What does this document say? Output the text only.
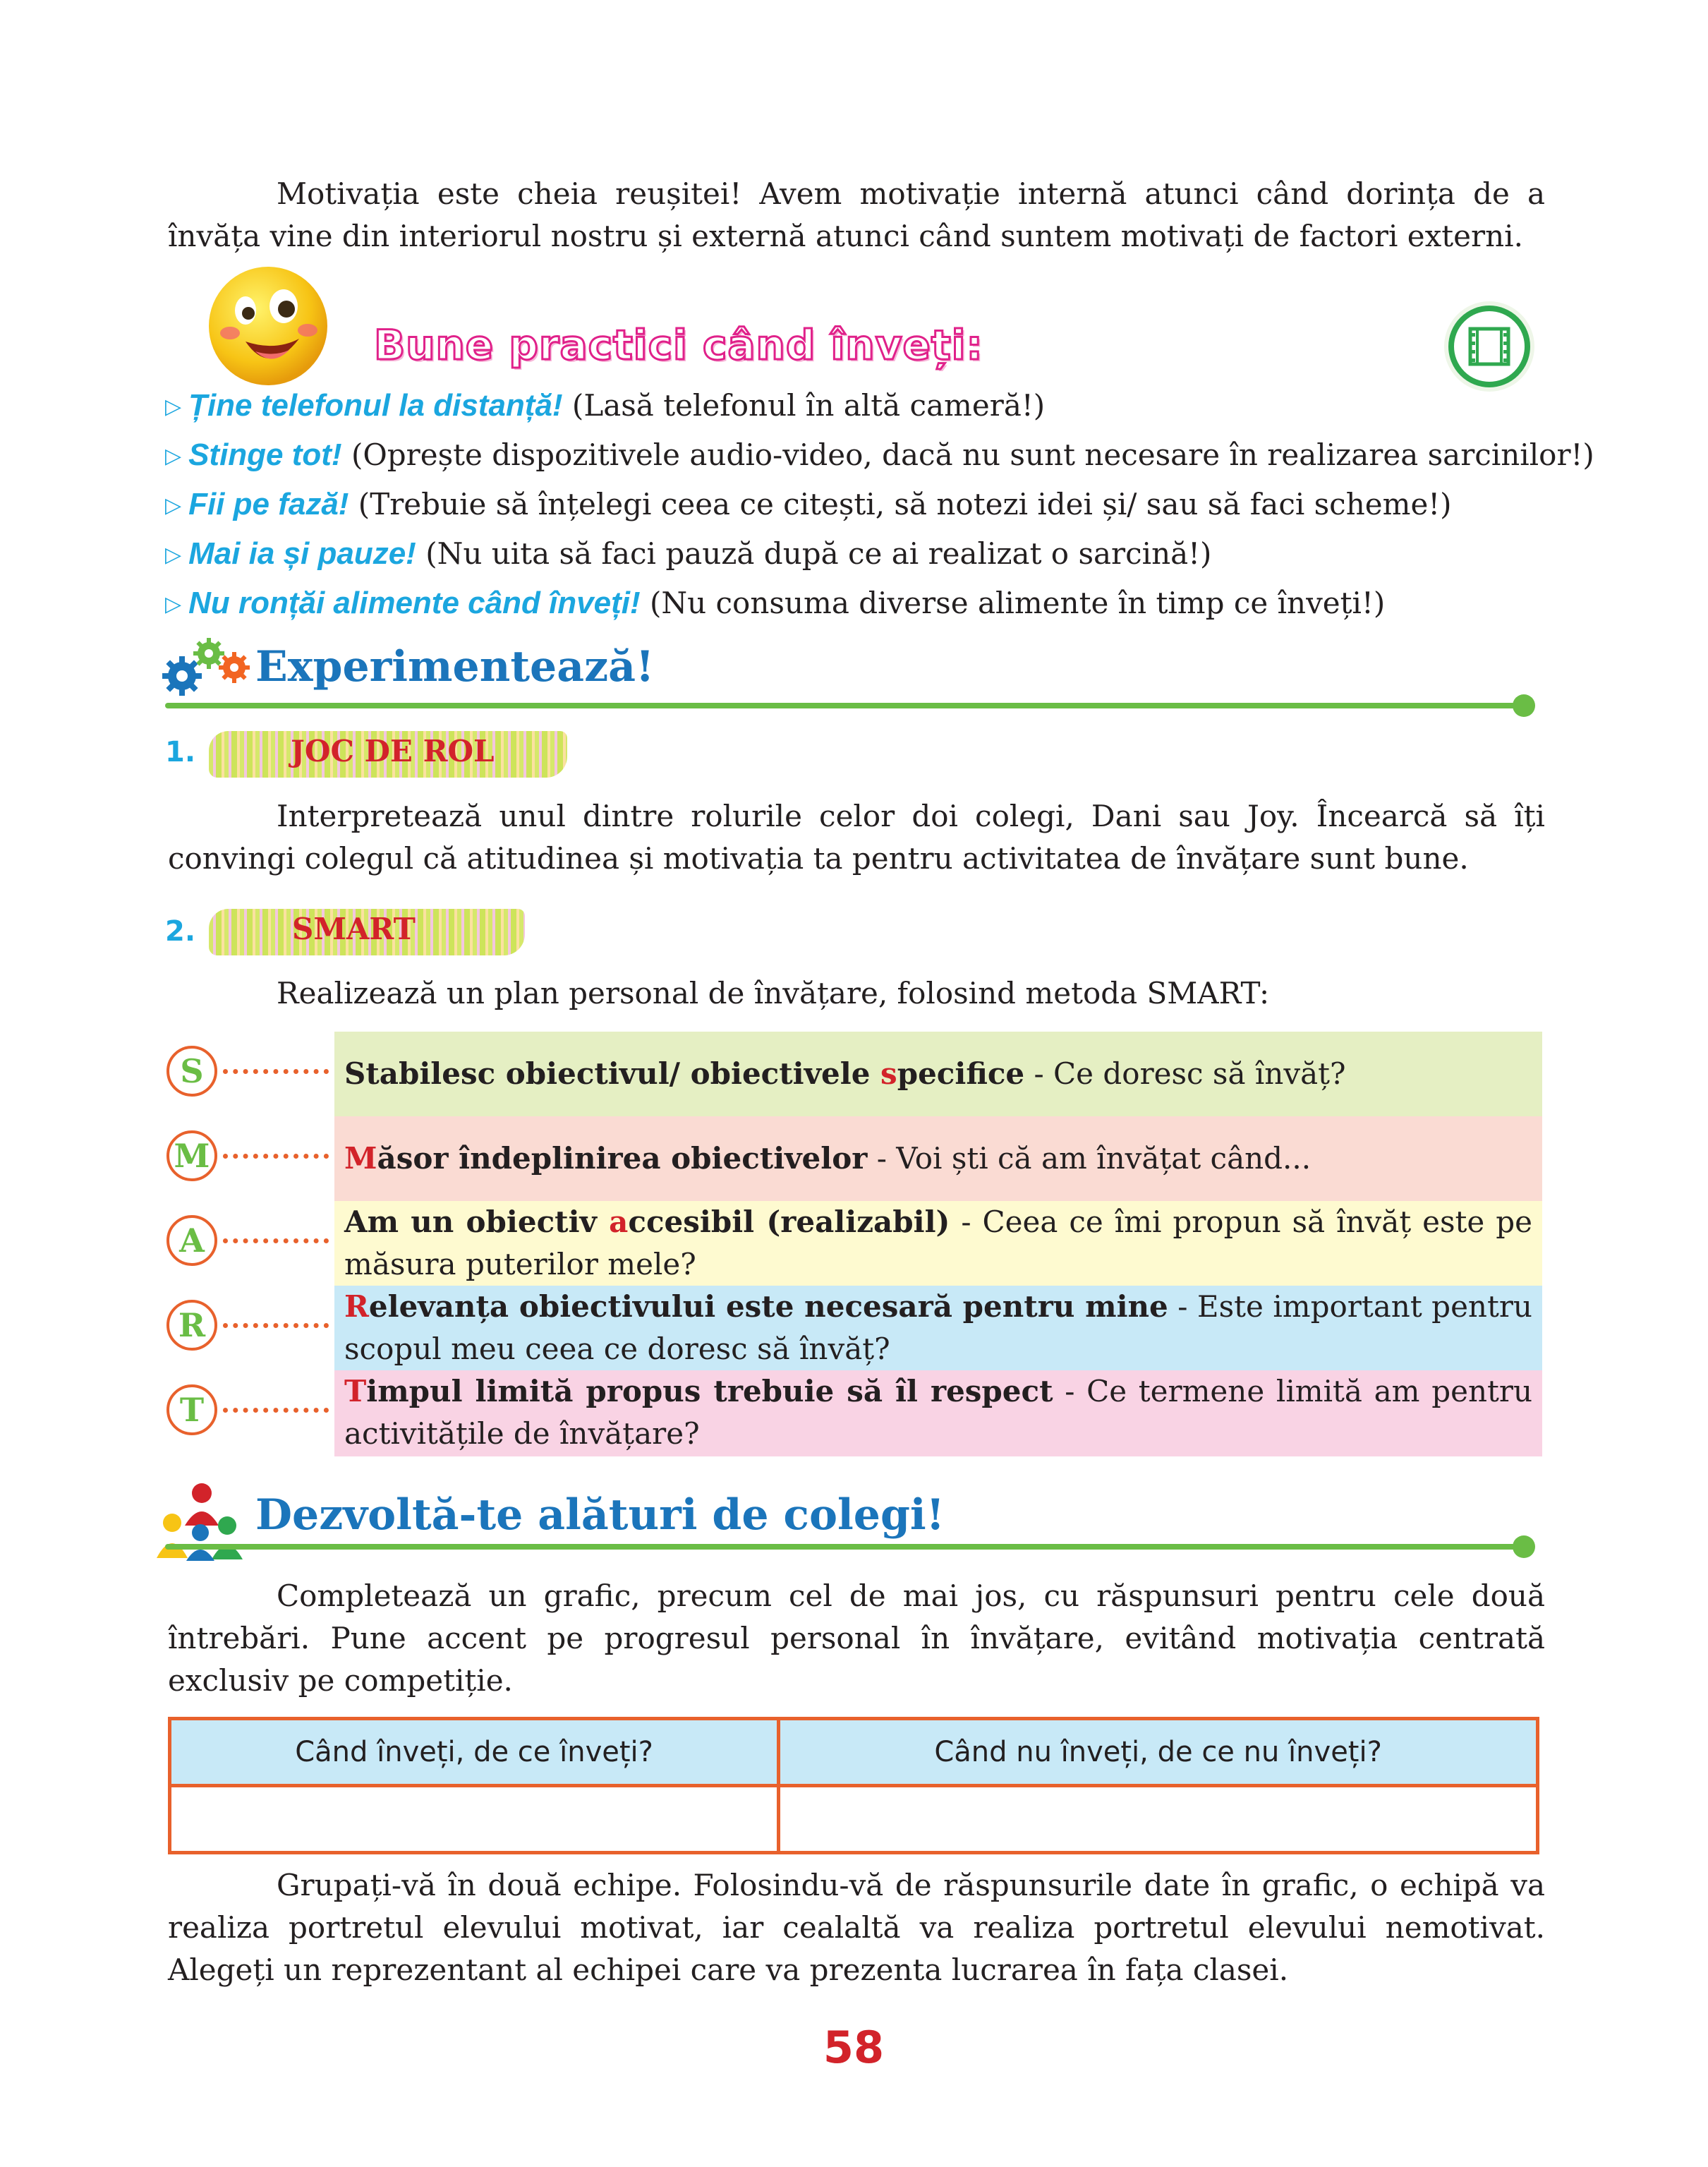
Motivația este cheia reușitei! Avem motivație internă atunci când dorința de a învăța vine din interiorul nostru și externă atunci când suntem motivați de factori externi.

Bune practici când înveți:
▷ Ține telefonul la distanță! (Lasă telefonul în altă cameră!)
▷ Stinge tot! (Oprește dispozitivele audio-video, dacă nu sunt necesare în realizarea sarcinilor!)
▷ Fii pe fază! (Trebuie să înțelegi ceea ce citești, să notezi idei și/ sau să faci scheme!)
▷ Mai ia și pauze! (Nu uita să faci pauză după ce ai realizat o sarcină!)
▷ Nu ronțăi alimente când înveți! (Nu consuma diverse alimente în timp ce înveți!)
Experimentează!
1.	JOC DE ROL

Interpretează unul dintre rolurile celor doi colegi, Dani sau Joy. Încearcă să îți convingi colegul că atitudinea și motivația ta pentru activitatea de învățare sunt bune.

2.	SMART

Realizează un plan personal de învățare, folosind metoda SMART:

S	Stabilesc obiectivul/ obiectivele specifice - Ce doresc să învăț?
M	Măsor îndeplinirea obiectivelor - Voi ști că am învățat când...
A	Am un obiectiv accesibil (realizabil) - Ceea ce îmi propun să învăț este pe măsura puterilor mele?
R	Relevanța obiectivului este necesară pentru mine - Este important pentru scopul meu ceea ce doresc să învăț?
T	Timpul limită propus trebuie să îl respect - Ce termene limită am pentru activitățile de învățare?
Dezvoltă-te alături de colegi!

Completează un grafic, precum cel de mai jos, cu răspunsuri pentru cele două întrebări. Pune accent pe progresul personal în învățare, evitând motivația centrată exclusiv pe competiție.

Când înveți, de ce înveți?	Când nu înveți, de ce nu înveți?

Grupați-vă în două echipe. Folosindu-vă de răspunsurile date în grafic, o echipă va realiza portretul elevului motivat, iar cealaltă va realiza portretul elevului nemotivat. Alegeți un reprezentant al echipei care va prezenta lucrarea în fața clasei.

58
